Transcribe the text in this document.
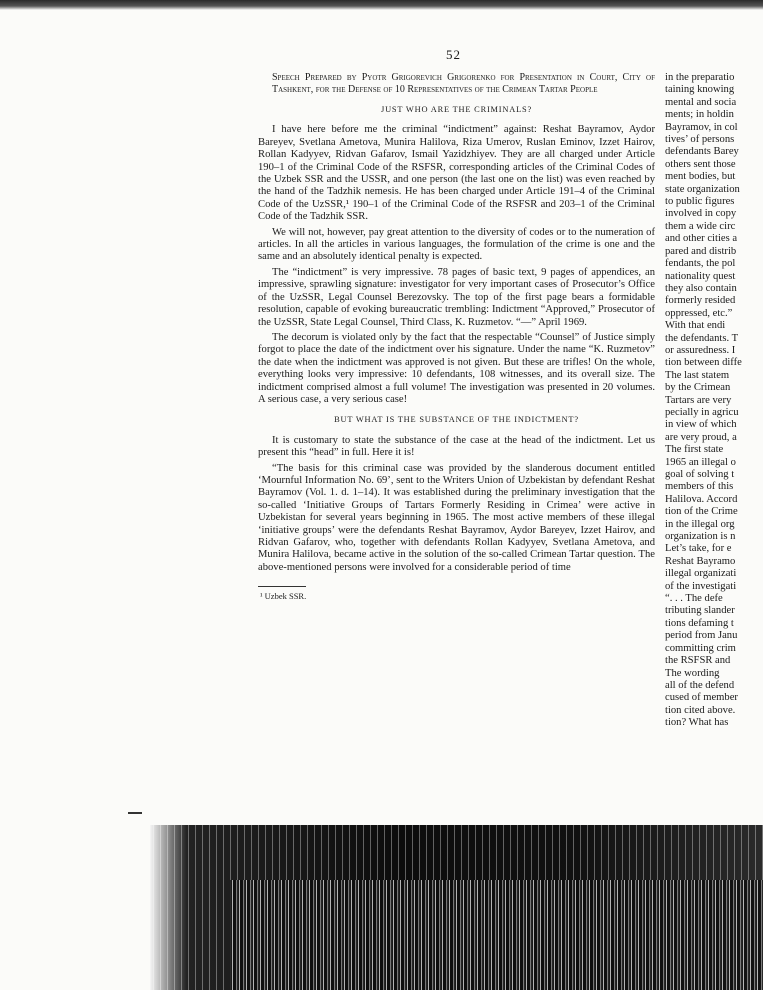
52
Speech Prepared by Pyotr Grigorevich Grigorenko for Presentation in Court, City of Tashkent, for the Defense of 10 Representatives of the Crimean Tartar People
JUST WHO ARE THE CRIMINALS?

I have here before me the criminal “indictment” against: Reshat Bayramov, Aydor Bareyev, Svetlana Ametova, Munira Halilova, Riza Umerov, Ruslan Eminov, Izzet Hairov, Rollan Kadyyev, Ridvan Gafarov, Ismail Yazidzhiyev. They are all charged under Article 190–1 of the Criminal Code of the RSFSR, corresponding articles of the Criminal Codes of the Uzbek SSR and the USSR, and one person (the last one on the list) was even reached by the hand of the Tadzhik nemesis. He has been charged under Article 191–4 of the Criminal Code of the UzSSR,¹ 190–1 of the Criminal Code of the RSFSR and 203–1 of the Criminal Code of the Tadzhik SSR.

We will not, however, pay great attention to the diversity of codes or to the numeration of articles. In all the articles in various languages, the formulation of the crime is one and the same and an absolutely identical penalty is expected.

The “indictment” is very impressive. 78 pages of basic text, 9 pages of appendices, an impressive, sprawling signature: investigator for very important cases of Prosecutor’s Office of the UzSSR, Legal Counsel Berezovsky. The top of the first page bears a formidable resolution, capable of evoking bureaucratic trembling: Indictment “Approved,” Prosecutor of the UzSSR, State Legal Counsel, Third Class, K. Ruzmetov. “—” April 1969.

The decorum is violated only by the fact that the respectable “Counsel” of Justice simply forgot to place the date of the indictment over his signature. Under the name “K. Ruzmetov” the date when the indictment was approved is not given. But these are trifles! On the whole, everything looks very impressive: 10 defendants, 108 witnesses, and its overall size. The indictment comprised almost a full volume! The investigation was presented in 20 volumes. A serious case, a very serious case!

BUT WHAT IS THE SUBSTANCE OF THE INDICTMENT?

It is customary to state the substance of the case at the head of the indictment. Let us present this “head” in full. Here it is!

“The basis for this criminal case was provided by the slanderous document entitled ‘Mournful Information No. 69’, sent to the Writers Union of Uzbekistan by defendant Reshat Bayramov (Vol. 1. d. 1–14). It was established during the preliminary investigation that the so-called ‘Initiative Groups of Tartars Formerly Residing in Crimea’ were active in Uzbekistan for several years beginning in 1965. The most active members of these illegal ‘initiative groups’ were the defendants Reshat Bayramov, Aydor Bareyev, Izzet Hairov, and Ridvan Gafarov, who, together with defendants Rollan Kadyyev, Svetlana Ametova, and Munira Halilova, became active in the solution of the so-called Crimean Tartar question. The above-mentioned persons were involved for a considerable period of time

¹ Uzbek SSR.
in the preparatio
taining knowing
mental and socia
ments; in holdin
Bayramov, in col
tives’ of persons
defendants Barey
others sent those
ment bodies, but
state organization
to public figures
involved in copy
them a wide circ
and other cities a
pared and distrib
fendants, the pol
nationality quest
they also contain
formerly resided
oppressed, etc.”
With that endi
the defendants. T
or assuredness. I
tion between diffe
The last statem
by the Crimean
Tartars are very
pecially in agricu
in view of which
are very proud, a
The first state
1965 an illegal o
goal of solving t
members of this
Halilova. Accord
tion of the Crime
in the illegal org
organization is n
Let’s take, for e
Reshat Bayramo
illegal organizati
of the investigati
“. . . The defe
tributing slander
tions defaming t
period from Janu
committing crim
the RSFSR and
The wording
all of the defend
cused of member
tion cited above.
tion? What has
